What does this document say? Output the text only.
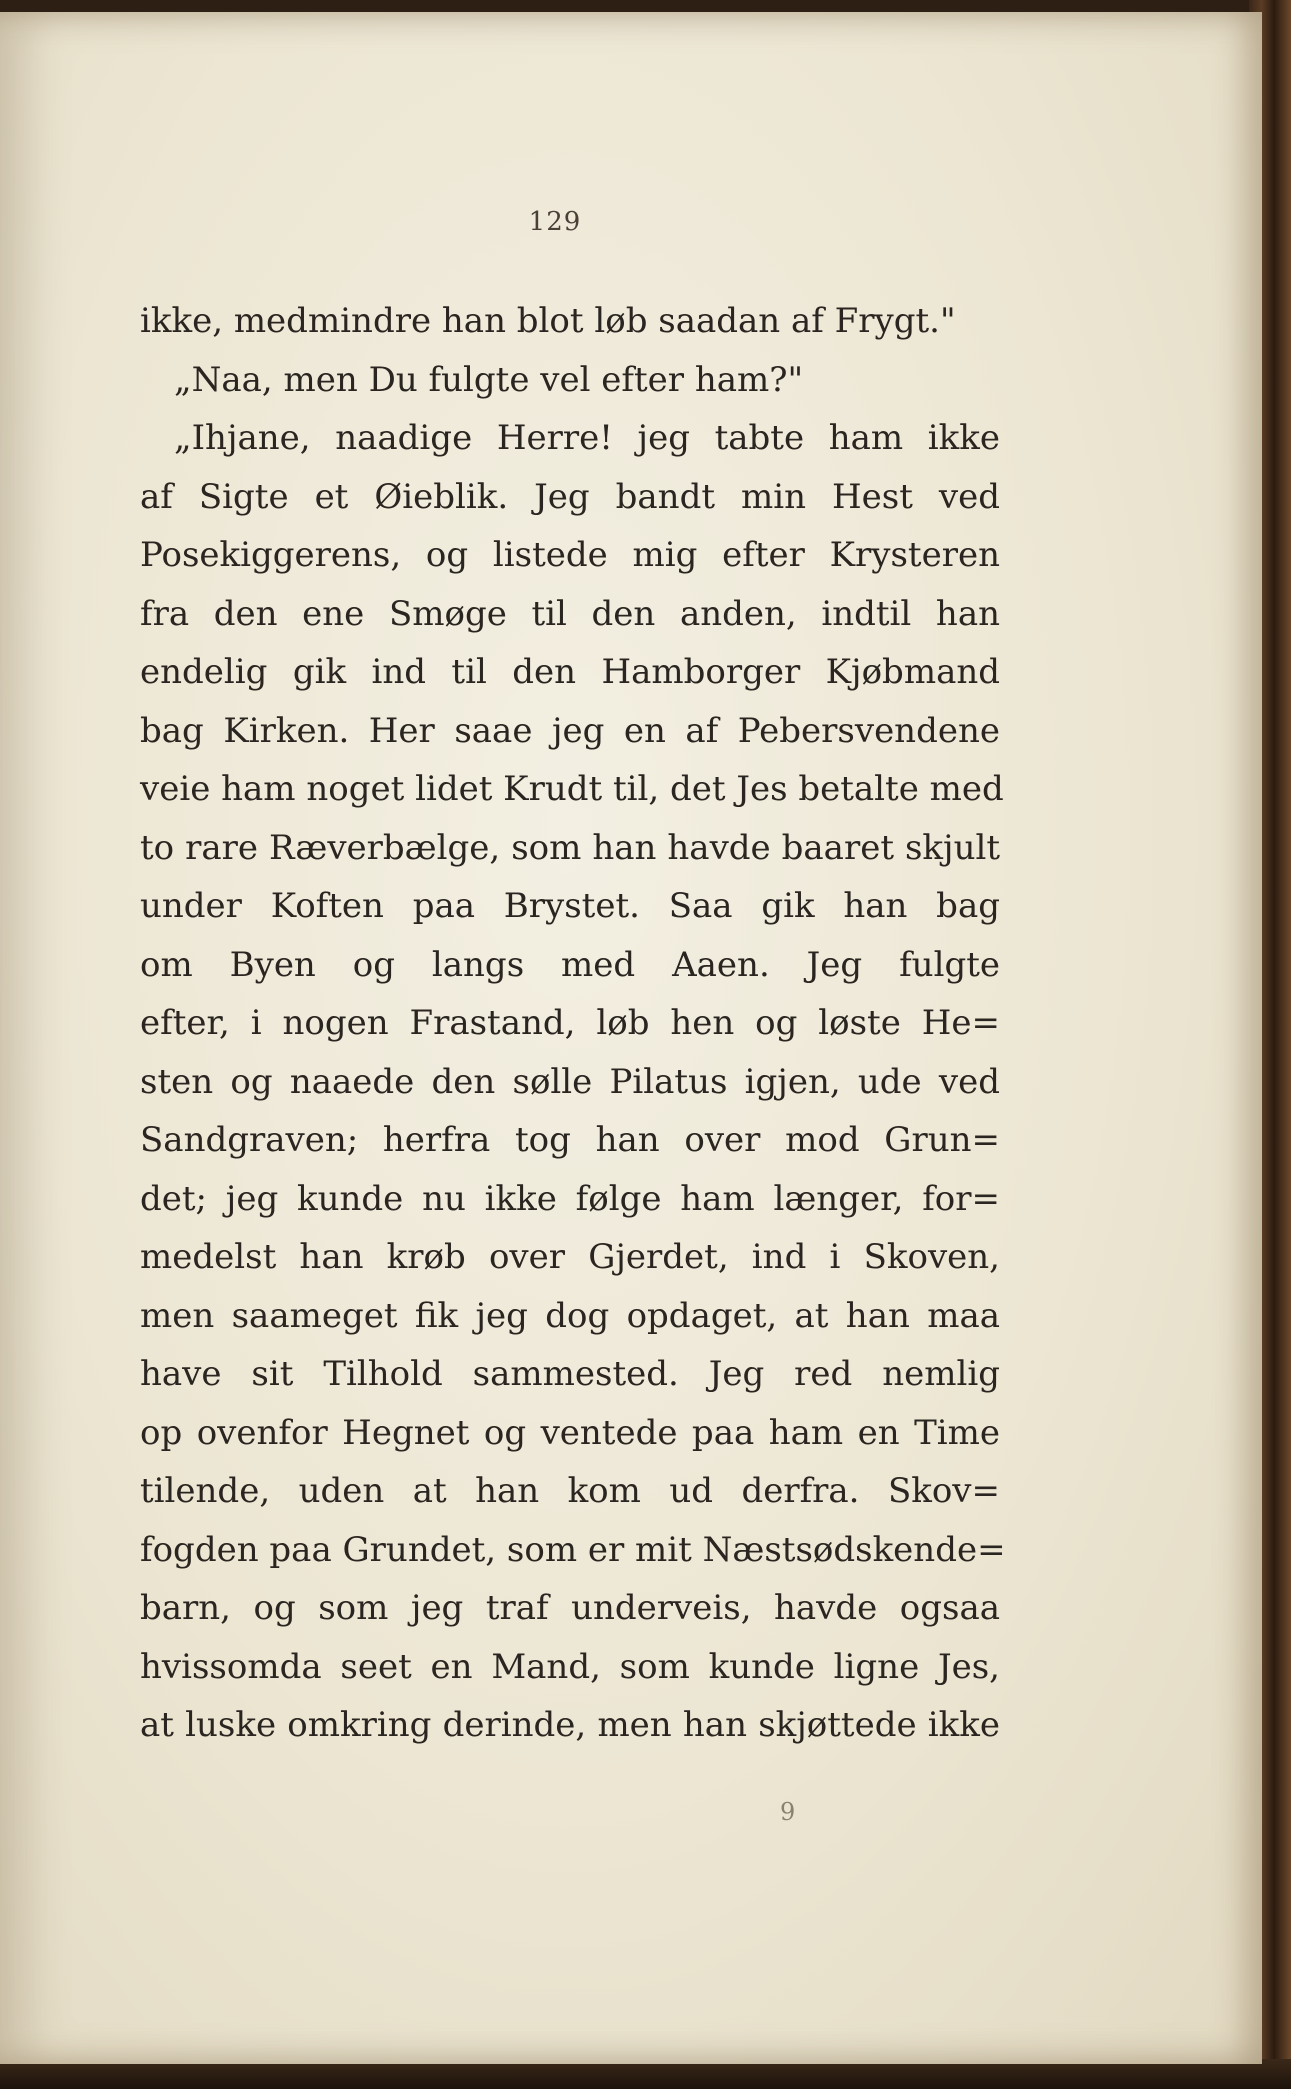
129
ikke, medmindre han blot løb saadan af Frygt."
„Naa, men Du fulgte vel efter ham?"
„Ihjane, naadige Herre! jeg tabte ham ikke
af Sigte et Øieblik. Jeg bandt min Hest ved
Posekiggerens, og listede mig efter Krysteren
fra den ene Smøge til den anden, indtil han
endelig gik ind til den Hamborger Kjøbmand
bag Kirken. Her saae jeg en af Pebersvendene
veie ham noget lidet Krudt til, det Jes betalte med
to rare Ræverbælge, som han havde baaret skjult
under Koften paa Brystet. Saa gik han bag
om Byen og langs med Aaen. Jeg fulgte
efter, i nogen Frastand, løb hen og løste He=
sten og naaede den sølle Pilatus igjen, ude ved
Sandgraven; herfra tog han over mod Grun=
det; jeg kunde nu ikke følge ham længer, for=
medelst han krøb over Gjerdet, ind i Skoven,
men saameget fik jeg dog opdaget, at han maa
have sit Tilhold sammested. Jeg red nemlig
op ovenfor Hegnet og ventede paa ham en Time
tilende, uden at han kom ud derfra. Skov=
fogden paa Grundet, som er mit Næstsødskende=
barn, og som jeg traf underveis, havde ogsaa
hvissomda seet en Mand, som kunde ligne Jes,
at luske omkring derinde, men han skjøttede ikke
9
